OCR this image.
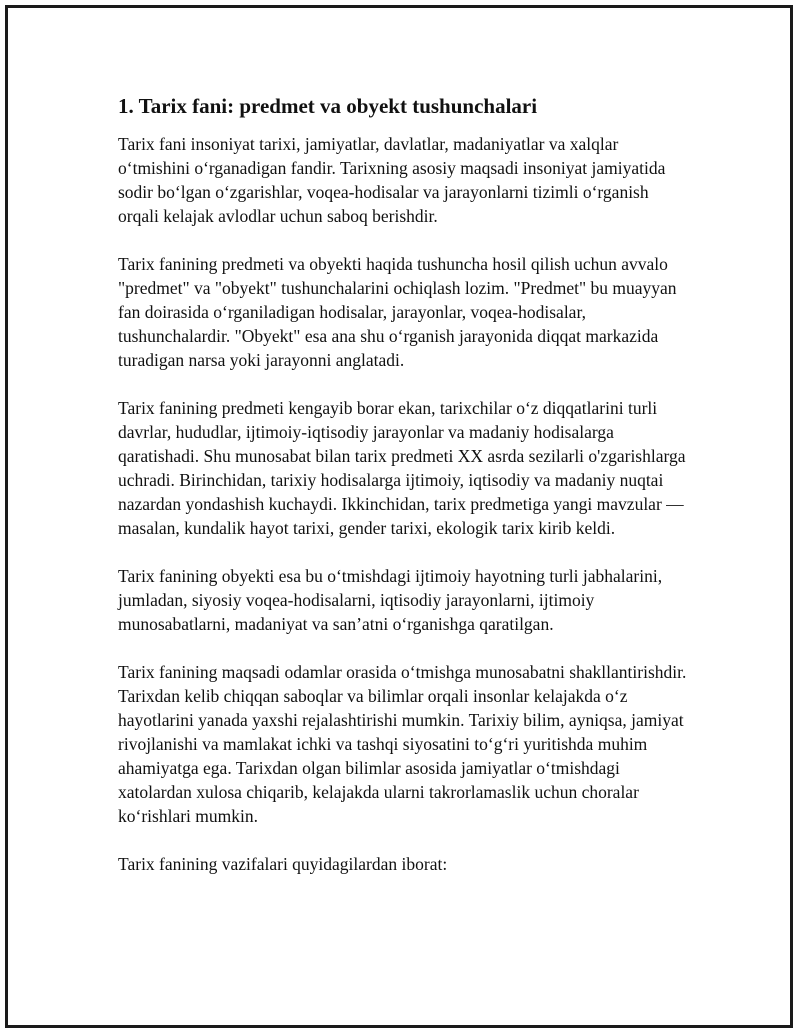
1. Tarix fani: predmet va obyekt tushunchalari

Tarix fani insoniyat tarixi, jamiyatlar, davlatlar, madaniyatlar va xalqlar o‘tmishini o‘rganadigan fandir. Tarixning asosiy maqsadi insoniyat jamiyatida sodir bo‘lgan o‘zgarishlar, voqea-hodisalar va jarayonlarni tizimli o‘rganish orqali kelajak avlodlar uchun saboq berishdir.

Tarix fanining predmeti va obyekti haqida tushuncha hosil qilish uchun avvalo "predmet" va "obyekt" tushunchalarini ochiqlash lozim. "Predmet" bu muayyan fan doirasida o‘rganiladigan hodisalar, jarayonlar, voqea-hodisalar, tushunchalardir. "Obyekt" esa ana shu o‘rganish jarayonida diqqat markazida turadigan narsa yoki jarayonni anglatadi.

Tarix fanining predmeti kengayib borar ekan, tarixchilar o‘z diqqatlarini turli davrlar, hududlar, ijtimoiy-iqtisodiy jarayonlar va madaniy hodisalarga qaratishadi. Shu munosabat bilan tarix predmeti XX asrda sezilarli o'zgarishlarga uchradi. Birinchidan, tarixiy hodisalarga ijtimoiy, iqtisodiy va madaniy nuqtai nazardan yondashish kuchaydi. Ikkinchidan, tarix predmetiga yangi mavzular — masalan, kundalik hayot tarixi, gender tarixi, ekologik tarix kirib keldi.

Tarix fanining obyekti esa bu o‘tmishdagi ijtimoiy hayotning turli jabhalarini, jumladan, siyosiy voqea-hodisalarni, iqtisodiy jarayonlarni, ijtimoiy munosabatlarni, madaniyat va san’atni o‘rganishga qaratilgan.

Tarix fanining maqsadi odamlar orasida o‘tmishga munosabatni shakllantirishdir. Tarixdan kelib chiqqan saboqlar va bilimlar orqali insonlar kelajakda o‘z hayotlarini yanada yaxshi rejalashtirishi mumkin. Tarixiy bilim, ayniqsa, jamiyat rivojlanishi va mamlakat ichki va tashqi siyosatini to‘g‘ri yuritishda muhim ahamiyatga ega. Tarixdan olgan bilimlar asosida jamiyatlar o‘tmishdagi xatolardan xulosa chiqarib, kelajakda ularni takrorlamaslik uchun choralar ko‘rishlari mumkin.

Tarix fanining vazifalari quyidagilardan iborat:
